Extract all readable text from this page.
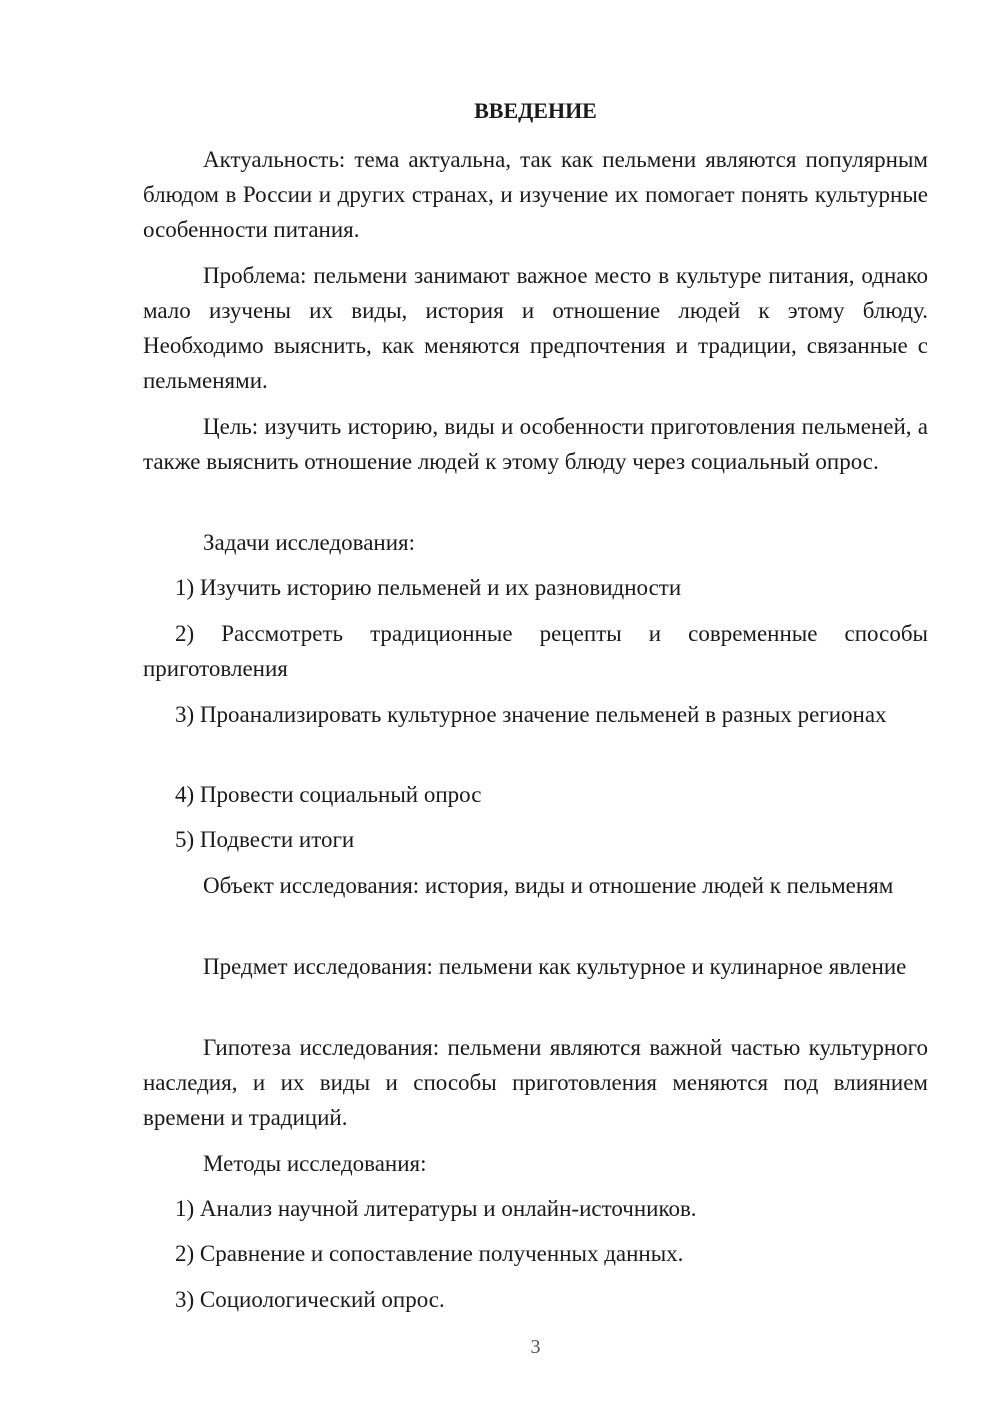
ВВЕДЕНИЕ

Актуальность: тема актуальна, так как пельмени являются популярным блюдом в России и других странах, и изучение их помогает понять культурные особенности питания.

Проблема: пельмени занимают важное место в культуре питания, однако мало изучены их виды, история и отношение людей к этому блюду. Необходимо выяснить, как меняются предпочтения и традиции, связанные с пельменями.

Цель: изучить историю, виды и особенности приготовления пельменей, а также выяснить отношение людей к этому блюду через социальный опрос.

Задачи исследования:

1) Изучить историю пельменей и их разновидности

2) Рассмотреть традиционные рецепты и современные способы приготовления

3) Проанализировать культурное значение пельменей в разных регионах

4) Провести социальный опрос

5) Подвести итоги

Объект исследования: история, виды и отношение людей к пельменям

Предмет исследования: пельмени как культурное и кулинарное явление

Гипотеза исследования: пельмени являются важной частью культурного наследия, и их виды и способы приготовления меняются под влиянием времени и традиций.

Методы исследования:

1) Анализ научной литературы и онлайн-источников.

2) Сравнение и сопоставление полученных данных.

3) Социологический опрос.

3
